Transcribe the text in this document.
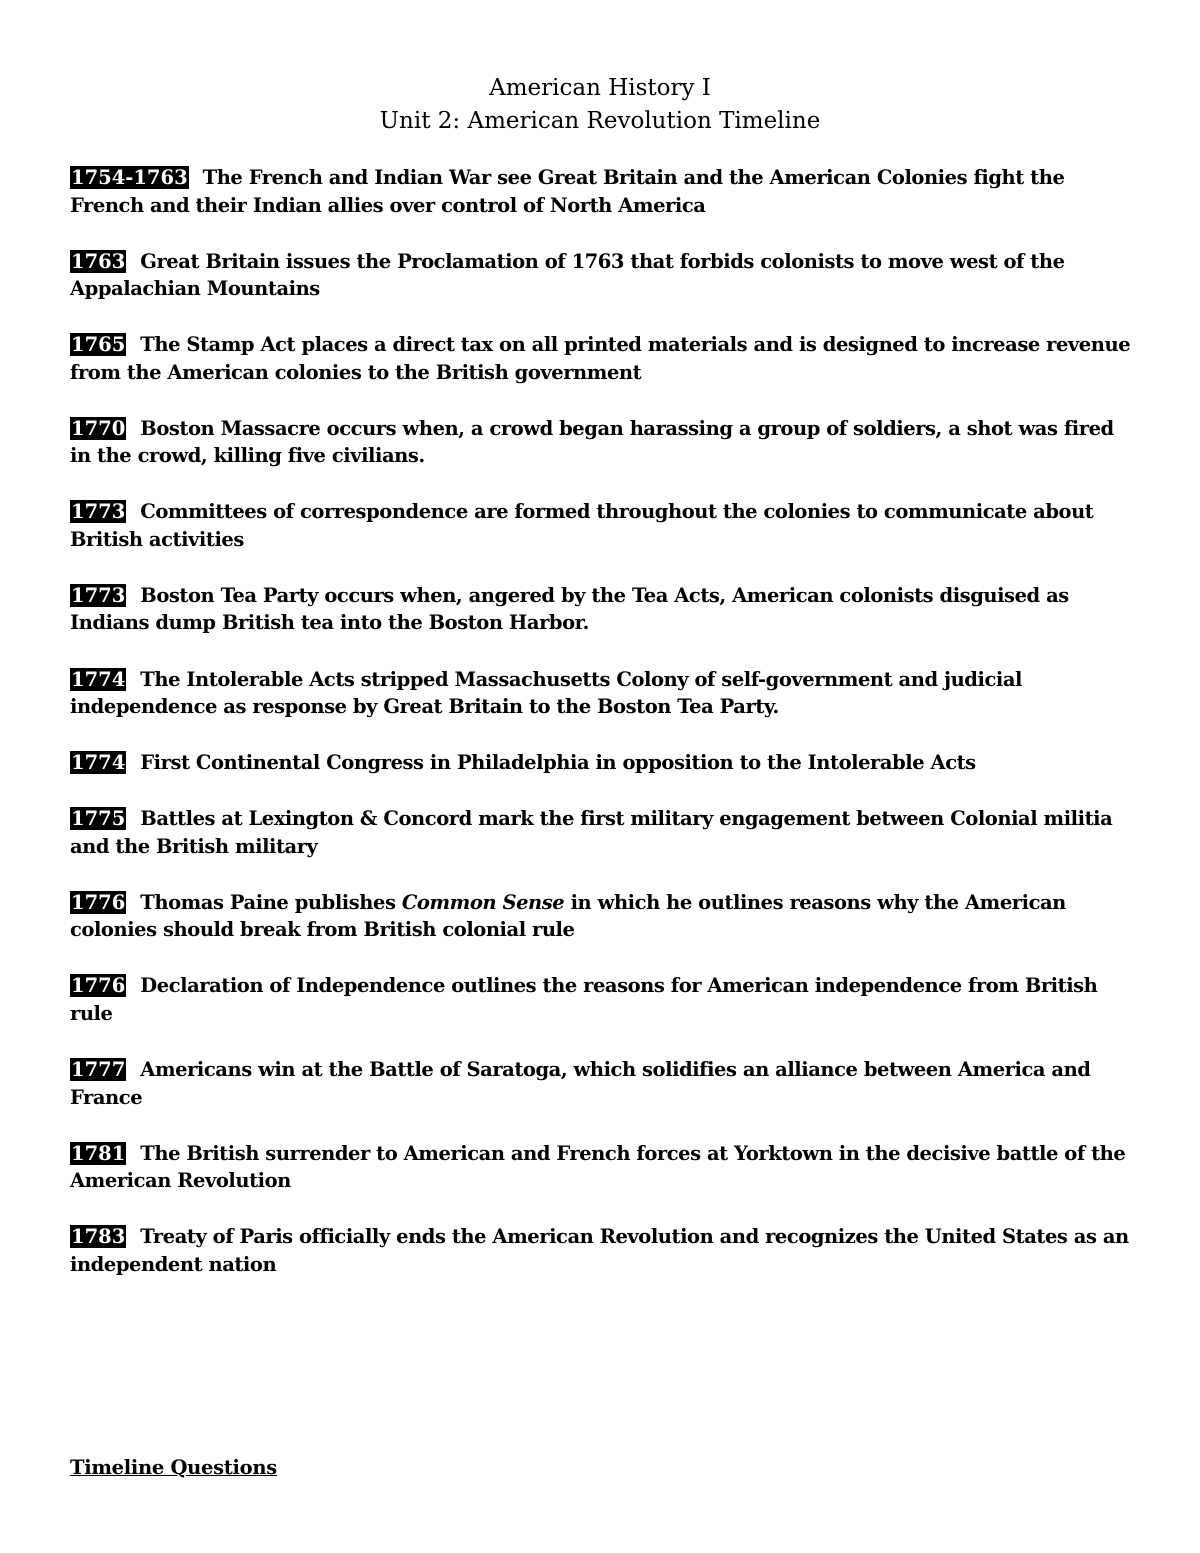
American History I
Unit 2: American Revolution Timeline
1754-1763 The French and Indian War see Great Britain and the American Colonies fight the French and their Indian allies over control of North America
1763 Great Britain issues the Proclamation of 1763 that forbids colonists to move west of the Appalachian Mountains
1765 The Stamp Act places a direct tax on all printed materials and is designed to increase revenue from the American colonies to the British government
1770 Boston Massacre occurs when, a crowd began harassing a group of soldiers, a shot was fired in the crowd, killing five civilians.
1773 Committees of correspondence are formed throughout the colonies to communicate about British activities
1773 Boston Tea Party occurs when, angered by the Tea Acts, American colonists disguised as Indians dump British tea into the Boston Harbor.
1774 The Intolerable Acts stripped Massachusetts Colony of self-government and judicial independence as response by Great Britain to the Boston Tea Party.
1774 First Continental Congress in Philadelphia in opposition to the Intolerable Acts
1775 Battles at Lexington & Concord mark the first military engagement between Colonial militia and the British military
1776 Thomas Paine publishes Common Sense in which he outlines reasons why the American colonies should break from British colonial rule
1776 Declaration of Independence outlines the reasons for American independence from British rule
1777 Americans win at the Battle of Saratoga, which solidifies an alliance between America and France
1781 The British surrender to American and French forces at Yorktown in the decisive battle of the American Revolution
1783 Treaty of Paris officially ends the American Revolution and recognizes the United States as an independent nation
Timeline Questions
